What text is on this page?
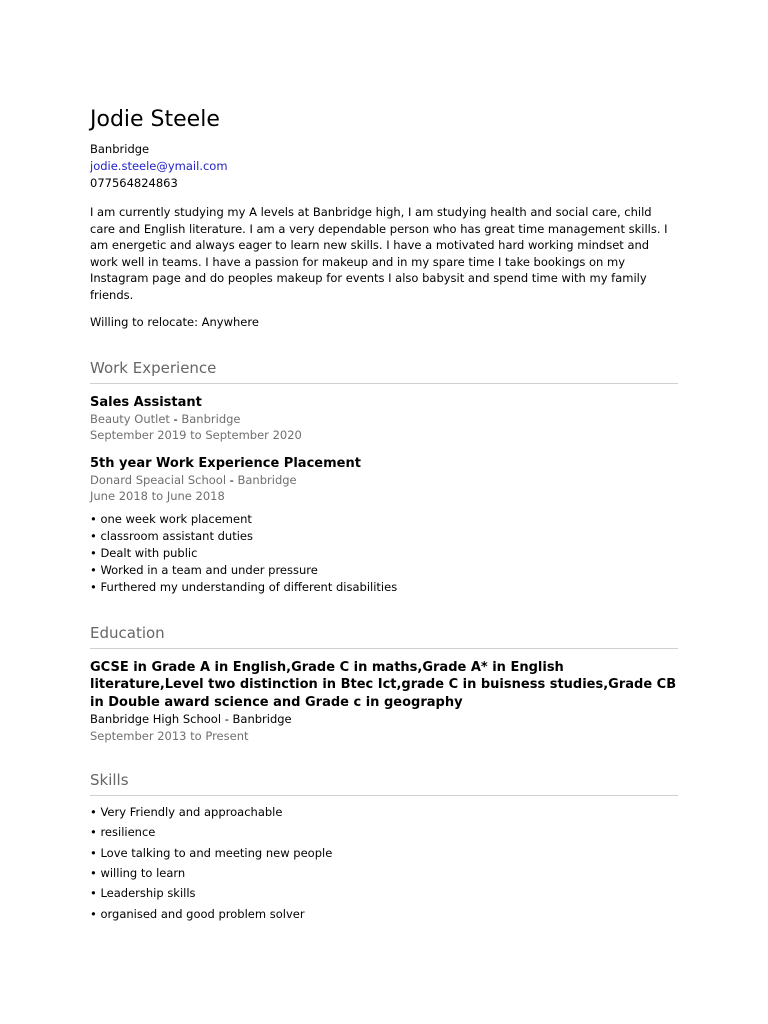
Jodie Steele

Banbridge

jodie.steele@ymail.com

077564824863

I am currently studying my A levels at Banbridge high, I am studying health and social care, child care and English literature. I am a very dependable person who has great time management skills. I am energetic and always eager to learn new skills. I have a motivated hard working mindset and work well in teams. I have a passion for makeup and in my spare time I take bookings on my Instagram page and do peoples makeup for events I also babysit and spend time with my family friends.

Willing to relocate: Anywhere

Work Experience

Sales Assistant

Beauty Outlet - Banbridge

September 2019 to September 2020

5th year Work Experience Placement

Donard Speacial School - Banbridge

June 2018 to June 2018

• one week work placement
• classroom assistant duties
• Dealt with public
• Worked in a team and under pressure
• Furthered my understanding of different disabilities
Education

GCSE in Grade A in English,Grade C in maths,Grade A* in English literature,Level two distinction in Btec Ict,grade C in buisness studies,Grade CB in Double award science and Grade c in geography

Banbridge High School - Banbridge

September 2013 to Present

Skills
• Very Friendly and approachable
• resilience
• Love talking to and meeting new people
• willing to learn
• Leadership skills
• organised and good problem solver
